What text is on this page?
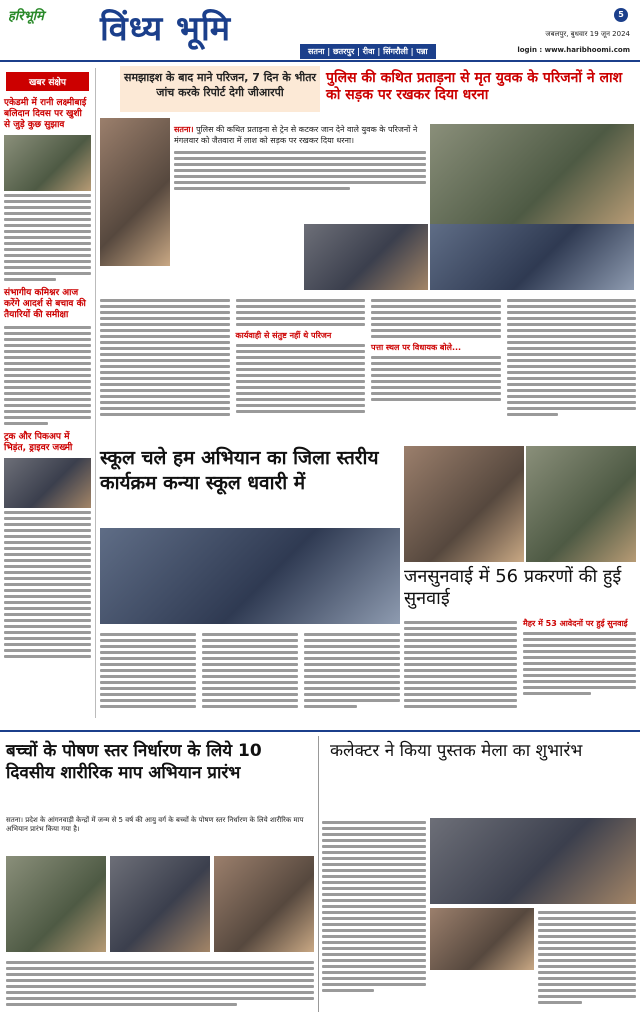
हरिभूमि विंध्य भूमि
सतना | छतरपुर | रीवा | सिंगरौली | पन्ना
जबलपुर, बुधवार 19 जून 2024
login : www.haribhoomi.com
5
खबर संक्षेप
एकेडमी में रानी लक्ष्मीबाई बलिदान दिवस पर खुशी से जुड़े कुछ सुझाव
संभागीय कमिश्नर आज करेंगे आदर्श से बचाव की तैयारियों की समीक्षा
ट्रक और पिकअप में भिड़ंत, ड्राइवर जख्मी
समझाइश के बाद माने परिजन, 7 दिन के भीतर जांच करके रिपोर्ट देगी जीआरपी
पुलिस की कथित प्रताड़ना से मृत युवक के परिजनों ने लाश को सड़क पर रखकर दिया धरना
सतना। पुलिस की कथित प्रताड़ना से ट्रेन से कटकर जान देने वाले युवक के परिजनों ने मंगलवार को जैतवारा में लाश को सड़क पर रखकर दिया धरना।
कार्यवाही से संतुष्ट नहीं थे परिजन
पत्ता स्थल पर विधायक बोले...
स्कूल चले हम अभियान का जिला स्तरीय कार्यक्रम कन्या स्कूल धवारी में
जनसुनवाई में 56 प्रकरणों की हुई सुनवाई
मैहर में 53 आवेदनों पर हुई सुनवाई
बच्चों के पोषण स्तर निर्धारण के लिये 10 दिवसीय शारीरिक माप अभियान प्रारंभ

सतना। प्रदेश के आंगनवाड़ी केन्द्रों में जन्म से 5 वर्ष की आयु वर्ग के बच्चों के पोषण स्तर निर्धारण के लिये शारीरिक माप अभियान प्रारंभ किया गया है।

कलेक्टर ने किया पुस्तक मेला का शुभारंभ
